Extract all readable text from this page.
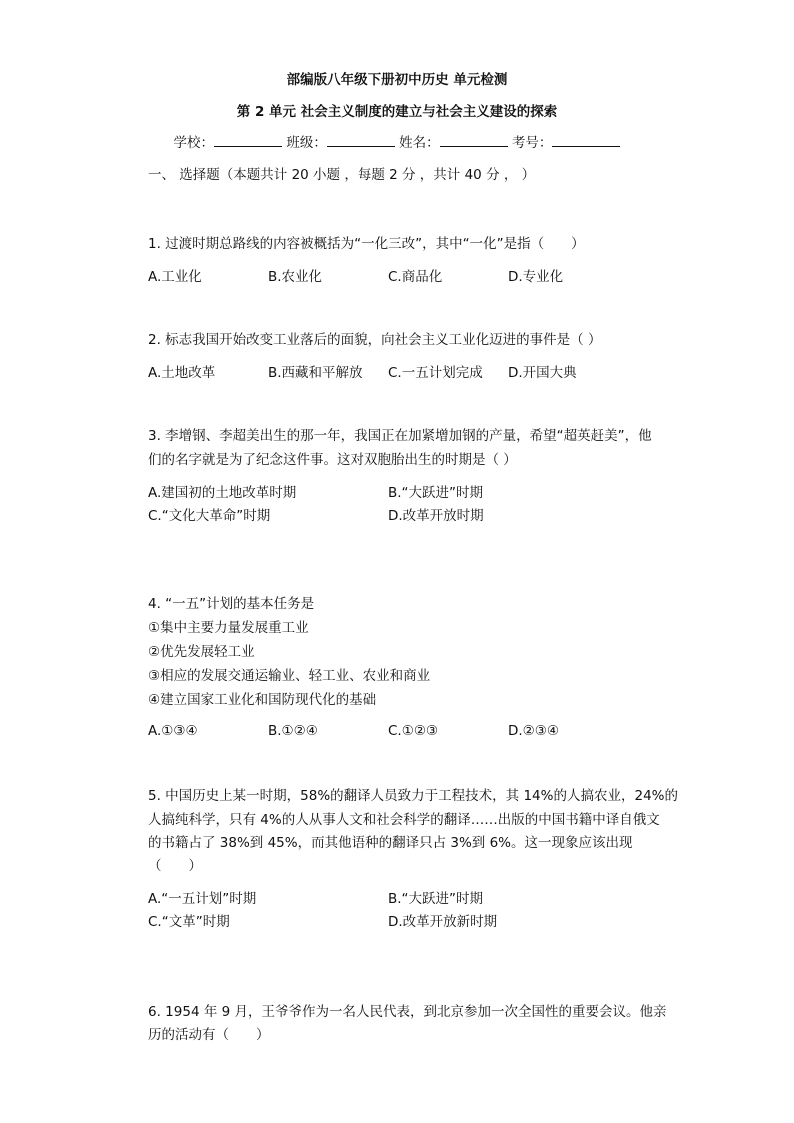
部编版八年级下册初中历史 单元检测
第 2 单元 社会主义制度的建立与社会主义建设的探索
学校：	班级：	姓名：	考号：
一、 选择题（本题共计 20 小题 ，每题 2 分 ，共计 40 分 ， ）
1. 过渡时期总路线的内容被概括为“一化三改”，其中“一化”是指（　　）
A.工业化	B.农业化	C.商品化	D.专业化
2. 标志我国开始改变工业落后的面貌，向社会主义工业化迈进的事件是（ ）
A.土地改革	B.西藏和平解放 C.一五计划完成 D.开国大典
3. 李增钢、李超美出生的那一年，我国正在加紧增加钢的产量，希望“超英赶美”，他
们的名字就是为了纪念这件事。这对双胞胎出生的时期是（ ）
A.建国初的土地改革时期	B.“大跃进”时期
C.“文化大革命”时期	D.改革开放时期
4. “一五”计划的基本任务是
①集中主要力量发展重工业
②优先发展轻工业
③相应的发展交通运输业、轻工业、农业和商业
④建立国家工业化和国防现代化的基础
A.①③④	B.①②④	C.①②③	D.②③④
5. 中国历史上某一时期，58%的翻译人员致力于工程技术，其 14%的人搞农业，24%的
人搞纯科学，只有 4%的人从事人文和社会科学的翻译……出版的中国书籍中译自俄文
的书籍占了 38%到 45%，而其他语种的翻译只占 3%到 6%。这一现象应该出现
（　　）
A.“一五计划”时期	B.“大跃进”时期
C.“文革”时期	D.改革开放新时期
6. 1954 年 9 月，王爷爷作为一名人民代表，到北京参加一次全国性的重要会议。他亲
历的活动有（　　）
